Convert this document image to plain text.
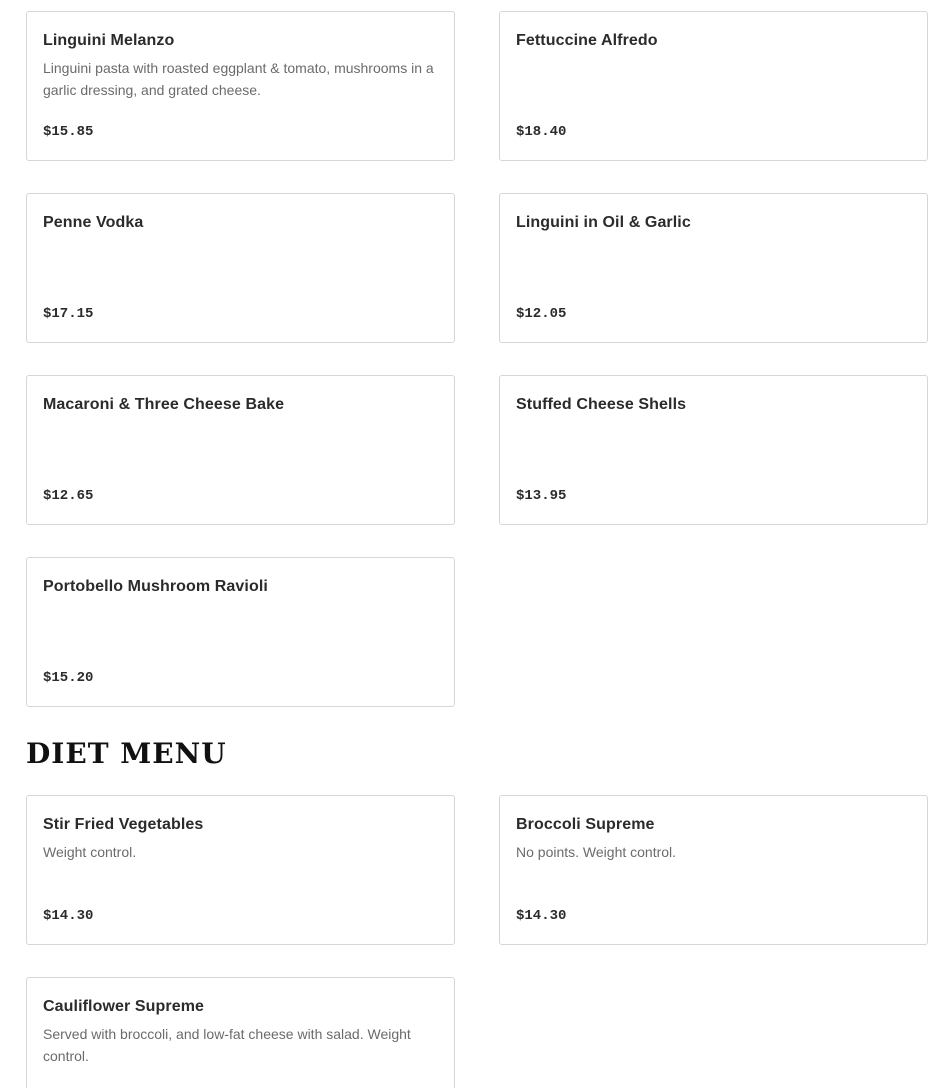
Linguini Melanzo
Linguini pasta with roasted eggplant & tomato, mushrooms in a garlic dressing, and grated cheese.
$15.85
Fettuccine Alfredo
$18.40
Penne Vodka
$17.15
Linguini in Oil & Garlic
$12.05
Macaroni & Three Cheese Bake
$12.65
Stuffed Cheese Shells
$13.95
Portobello Mushroom Ravioli
$15.20
DIET MENU
Stir Fried Vegetables
Weight control.
$14.30
Broccoli Supreme
No points. Weight control.
$14.30
Cauliflower Supreme
Served with broccoli, and low-fat cheese with salad. Weight control.
